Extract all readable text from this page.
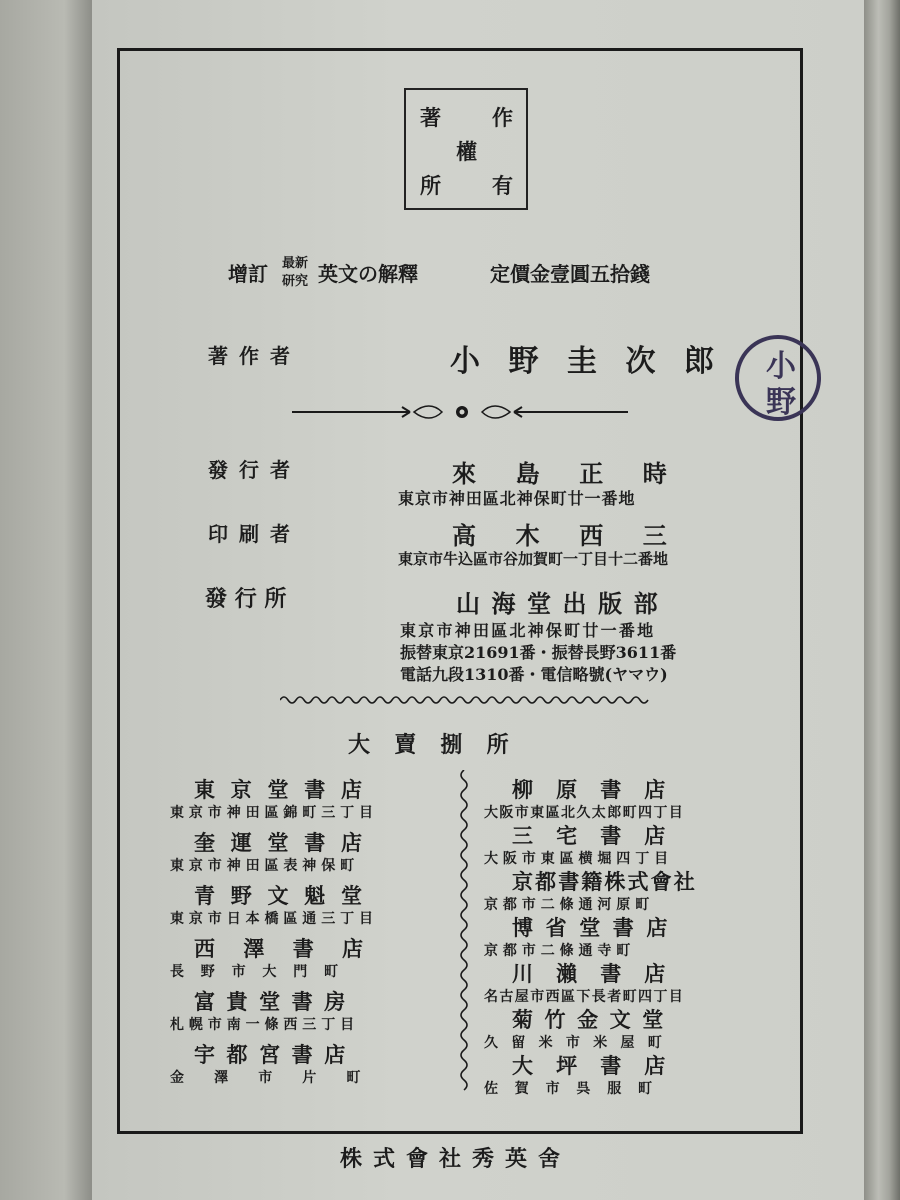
著 作
權
所 有
增訂 最新
研究 英文の解釋	定價金壹圓五拾錢
著作者	小野圭次郎 小
野
發行者	來島正時
東京市神田區北神保町廿一番地
印刷者	高木西三
東京市牛込區市谷加賀町一丁目十二番地
發行所	山海堂出版部
東京市神田區北神保町廿一番地
振替東京21691番・振替長野3611番
電話九段1310番・電信略號(ヤマウ)
大賣捌所
東京堂書店
東京市神田區錦町三丁目
奎運堂書店
東京市神田區表神保町
青野文魁堂
東京市日本橋區通三丁目
西澤書店
長野市大門町
富貴堂書房
札幌市南一條西三丁目
宇都宮書店
金澤市片町
柳原書店
大阪市東區北久太郎町四丁目
三宅書店
大阪市東區横堀四丁目
京都書籍株式會社
京都市二條通河原町
博省堂書店
京都市二條通寺町
川瀨書店
名古屋市西區下長者町四丁目
菊竹金文堂
久留米市米屋町
大坪書店
佐賀市呉服町
株式會社秀英舍
